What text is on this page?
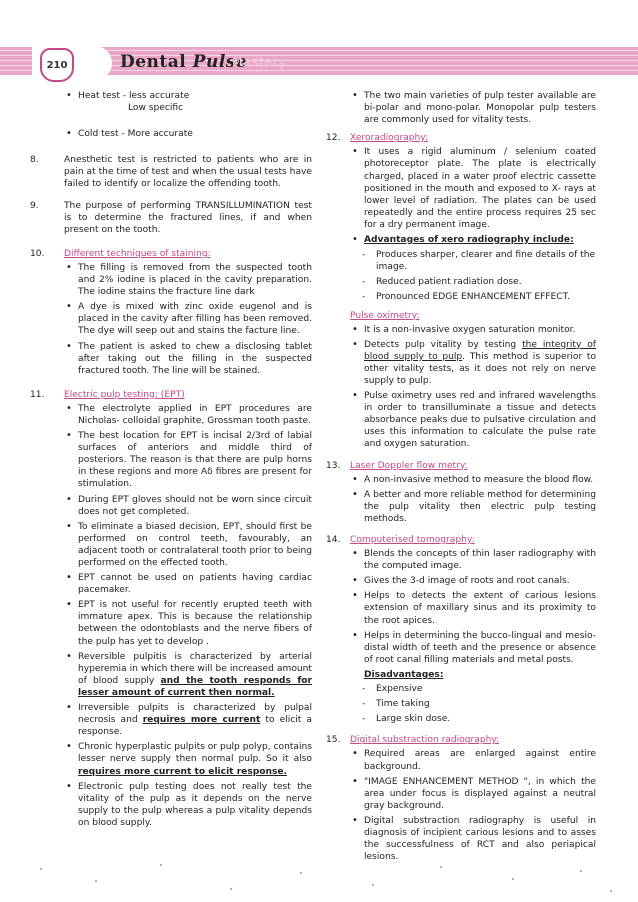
210	Dental Pulse
Mastery
• Heat test - less accurate
Low specific
• Cold test - More accurate
8.	Anesthetic test is restricted to patients who are in pain at the time of test and when the usual tests have failed to identify or localize the offending tooth.

9.	The purpose of performing TRANSILLUMINATION test is to determine the fractured lines, if and when present on the tooth.

10. Different techniques of staining:

• The filling is removed from the suspected tooth and 2% iodine is placed in the cavity preparation. The iodine stains the fracture line dark
• A dye is mixed with zinc oxide eugenol and is placed in the cavity after filling has been removed. The dye will seep out and stains the facture line.
• The patient is asked to chew a disclosing tablet after taking out the filling in the suspected fractured tooth. The line will be stained.
11. Electric pulp testing: (EPT)

• The electrolyte applied in EPT procedures are Nicholas- colloidal graphite, Grossman tooth paste.
• The best location for EPT is incisal 2/3rd of labial surfaces of anteriors and middle third of posteriors. The reason is that there are pulp horns in these regions and more Aδ fibres are present for stimulation.
• During EPT gloves should not be worn since circuit does not get completed.
• To eliminate a biased decision, EPT, should first be performed on control teeth, favourably, an adjacent tooth or contralateral tooth prior to being performed on the effected tooth.
• EPT cannot be used on patients having cardiac pacemaker.
• EPT is not useful for recently erupted teeth with immature apex. This is because the relationship between the odontoblasts and the nerve fibers of the pulp has yet to develop .
• Reversible pulpitis is characterized by arterial hyperemia in which there will be increased amount of blood supply and the tooth responds for lesser amount of current then normal.
• Irreversible pulpits is characterized by pulpal necrosis and requires more current to elicit a response.
• Chronic hyperplastic pulpits or pulp polyp, contains lesser nerve supply then normal pulp. So it also requires more current to elicit response.
• Electronic pulp testing does not really test the vitality of the pulp as it depends on the nerve supply to the pulp whereas a pulp vitality depends on blood supply.
• The two main varieties of pulp tester available are bi-polar and mono-polar. Monopolar pulp testers are commonly used for vitality tests.
12. Xeroradiography:

• It uses a rigid aluminum / selenium coated photoreceptor plate. The plate is electrically charged, placed in a water proof electric cassette positioned in the mouth and exposed to X- rays at lower level of radiation. The plates can be used repeatedly and the entire process requires 25 sec for a dry permanent image.
• Advantages of xero radiography include:
- Produces sharper, clearer and fine details of the image.
- Reduced patient radiation dose.
- Pronounced EDGE ENHANCEMENT EFFECT.

Pulse oximetry:

• It is a non-invasive oxygen saturation monitor.
• Detects pulp vitality by testing the integrity of blood supply to pulp. This method is superior to other vitality tests, as it does not rely on nerve supply to pulp.
• Pulse oximetry uses red and infrared wavelengths in order to transilluminate a tissue and detects absorbance peaks due to pulsative circulation and uses this information to calculate the pulse rate and oxygen saturation.
13. Laser Doppler flow metry:

• A non-invasive method to measure the blood flow.
• A better and more reliable method for determining the pulp vitality then electric pulp testing methods.
14. Computerised tomography:

• Blends the concepts of thin laser radiography with the computed image.
• Gives the 3-d image of roots and root canals.
• Helps to detects the extent of carious lesions extension of maxillary sinus and its proximity to the root apices.
• Helps in determining the bucco-lingual and mesio-distal width of teeth and the presence or absence of root canal filling materials and metal posts.

Disadvantages:

- Expensive
- Time taking
- Large skin dose.
15. Digital substraction radiography:

• Required areas are enlarged against entire background.
• "IMAGE ENHANCEMENT METHOD ", in which the area under focus is displayed against a neutral gray background.
• Digital substraction radiography is useful in diagnosis of incipient carious lesions and to asses the successfulness of RCT and also periapical lesions.
